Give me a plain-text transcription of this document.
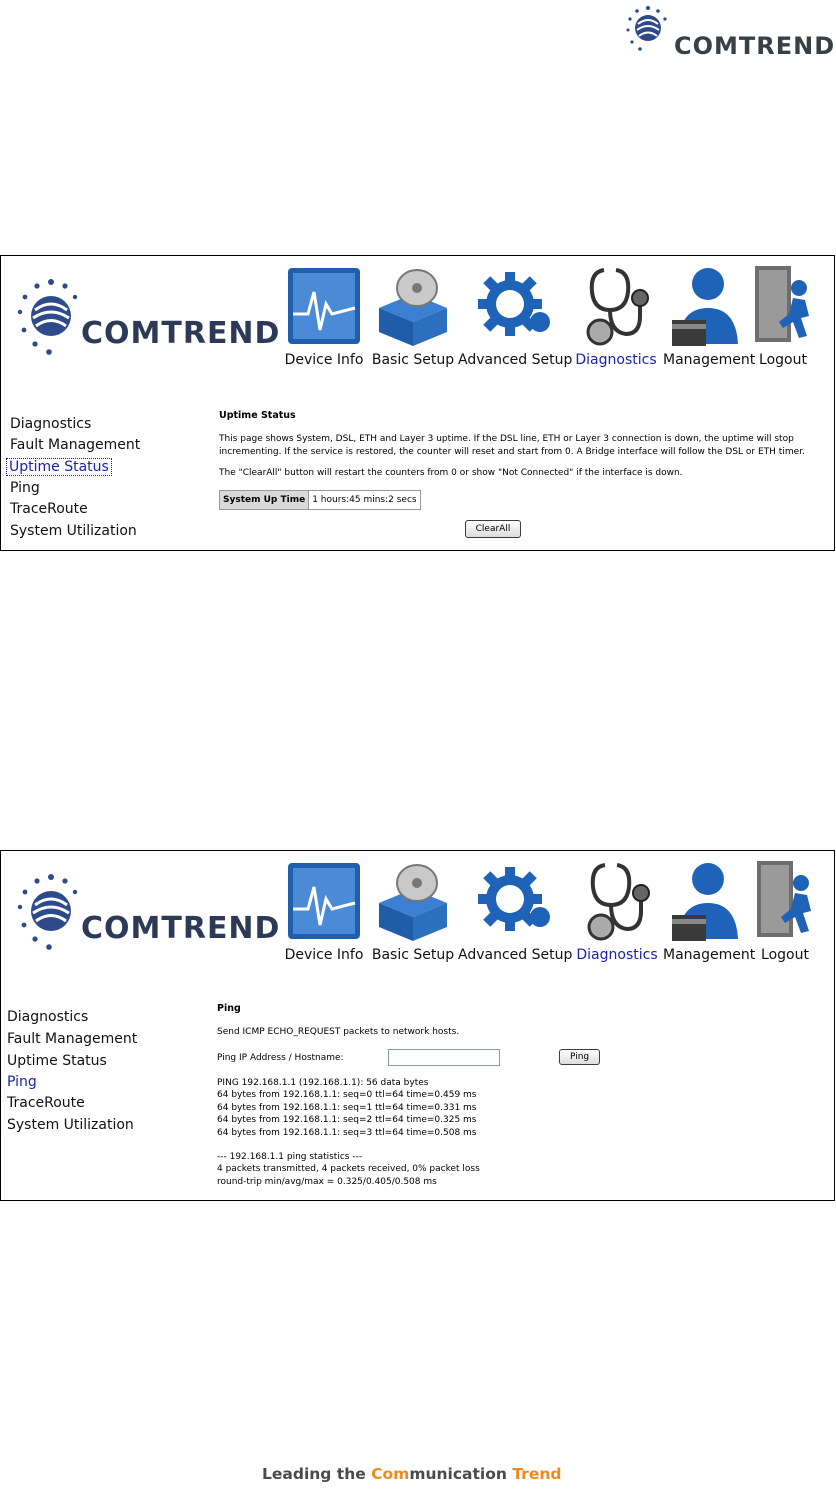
COMTREND
COMTREND
Device Info Basic Setup Advanced Setup Diagnostics Management Logout
Diagnostics
Fault Management
Uptime Status
Ping
TraceRoute
System Utilization

Uptime Status

This page shows System, DSL, ETH and Layer 3 uptime. If the DSL line, ETH or Layer 3 connection is down, the uptime will stop incrementing. If the service is restored, the counter will reset and start from 0. A Bridge interface will follow the DSL or ETH timer.

The "ClearAll" button will restart the counters from 0 or show "Not Connected" if the interface is down.

System Up Time	1 hours:45 mins:2 secs
ClearAll
COMTREND
Device Info Basic Setup Advanced Setup Diagnostics Management Logout
Diagnostics
Fault Management
Uptime Status
Ping
TraceRoute
System Utilization

Ping

Send ICMP ECHO_REQUEST packets to network hosts.

Ping IP Address / Hostname:	Ping
PING 192.168.1.1 (192.168.1.1): 56 data bytes
64 bytes from 192.168.1.1: seq=0 ttl=64 time=0.459 ms
64 bytes from 192.168.1.1: seq=1 ttl=64 time=0.331 ms
64 bytes from 192.168.1.1: seq=2 ttl=64 time=0.325 ms
64 bytes from 192.168.1.1: seq=3 ttl=64 time=0.508 ms
--- 192.168.1.1 ping statistics ---
4 packets transmitted, 4 packets received, 0% packet loss
round-trip min/avg/max = 0.325/0.405/0.508 ms
Leading the Communication Trend
